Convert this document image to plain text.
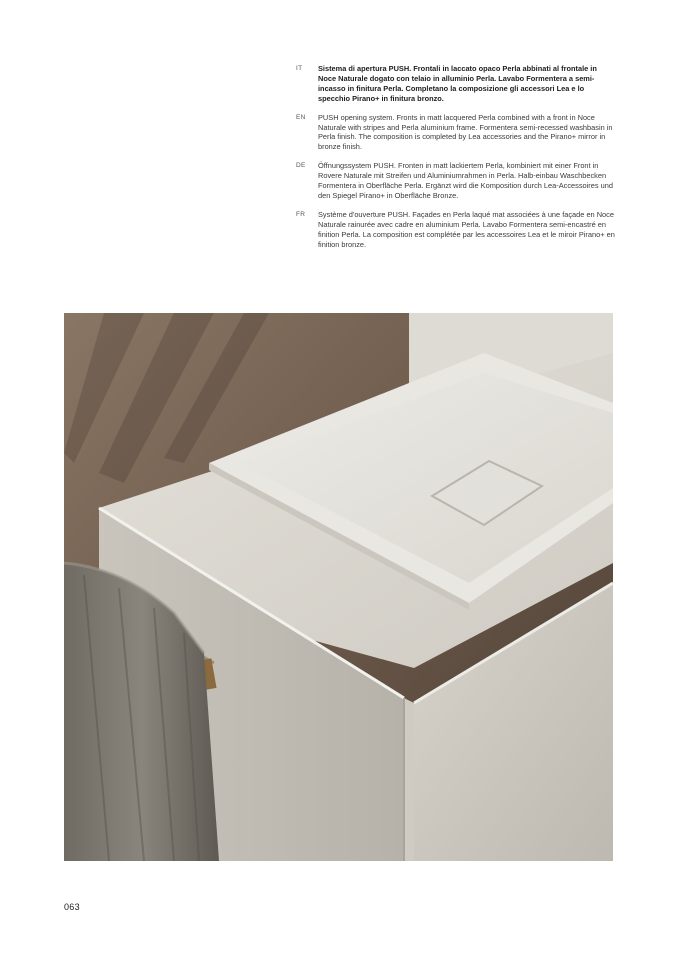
IT	Sistema di apertura PUSH. Frontali in laccato opaco Perla abbinati al frontale in Noce Naturale dogato con telaio in alluminio Perla. Lavabo Formentera a semi-incasso in finitura Perla. Completano la composizione gli accessori Lea e lo specchio Pirano+ in finitura bronzo.
EN	PUSH opening system. Fronts in matt lacquered Perla combined with a front in Noce Naturale with stripes and Perla aluminium frame. Formentera semi-recessed washbasin in Perla finish. The composition is completed by Lea accessories and the Pirano+ mirror in bronze finish.
DE	Öffnungssystem PUSH. Fronten in matt lackiertem Perla, kombiniert mit einer Front in Rovere Naturale mit Streifen und Aluminiumrahmen in Perla. Halb-einbau Waschbecken Formentera in Oberfläche Perla. Ergänzt wird die Komposition durch Lea-Accessoires und den Spiegel Pirano+ in Oberfläche Bronze.
FR	Système d'ouverture PUSH. Façades en Perla laqué mat associées à une façade en Noce Naturale rainurée avec cadre en aluminium Perla. Lavabo Formentera semi-encastré en finition Perla. La composition est complétée par les accessoires Lea et le miroir Pirano+ en finition bronze.
063
